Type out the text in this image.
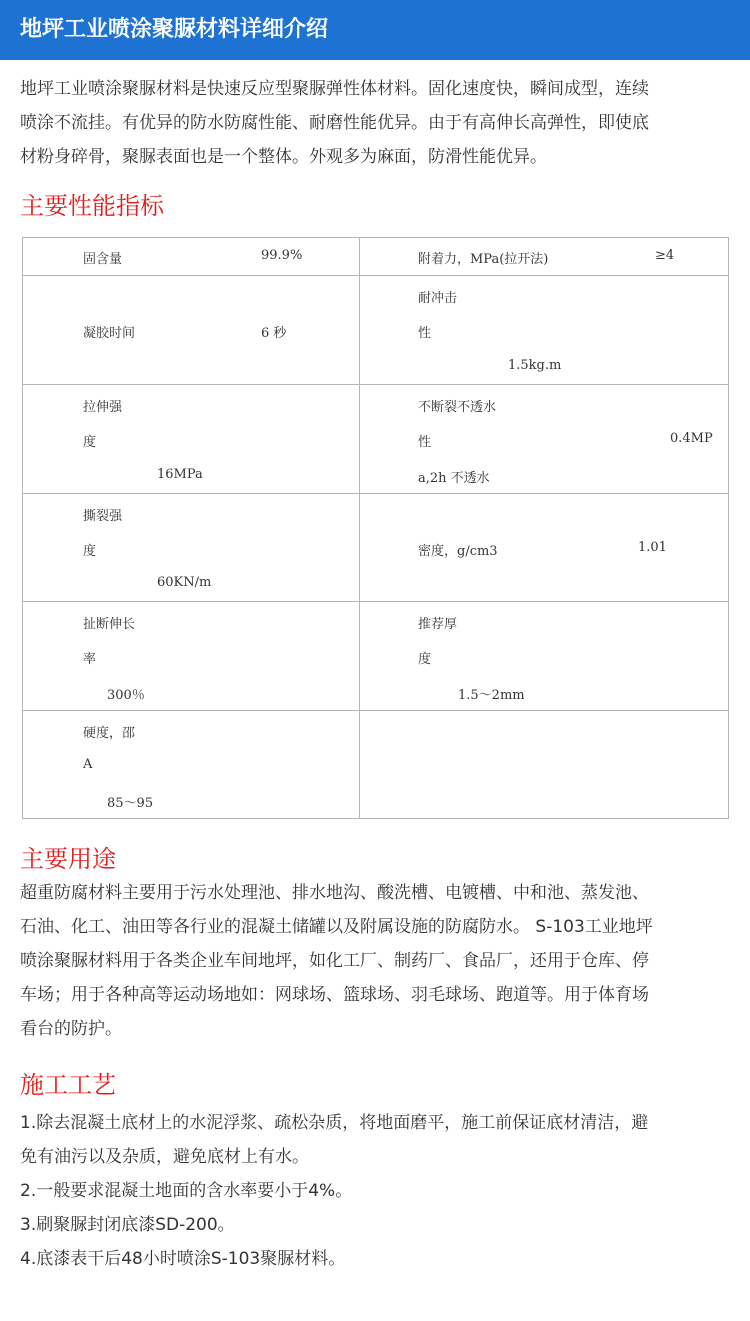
地坪工业喷涂聚脲材料详细介绍

地坪工业喷涂聚脲材料是快速反应型聚脲弹性体材料。固化速度快，瞬间成型，连续

喷涂不流挂。有优异的防水防腐性能、耐磨性能优异。由于有高伸长高弹性，即使底

材粉身碎骨，聚脲表面也是一个整体。外观多为麻面，防滑性能优异。

主要性能指标
固含量 99.9%	附着力，MPa(拉开法) ≥4

凝胶时间 6 秒	耐冲击
性
1.5kg.m

拉伸强
度
16MPa	不断裂不透水
性 0.4MP
a,2h 不透水

撕裂强
度
60KN/m	密度，g/cm3 1.01

扯断伸长
率
300％	推荐厚
度
1.5～2mm

硬度，邵
A
85～95	

主要用途

超重防腐材料主要用于污水处理池、排水地沟、酸洗槽、电镀槽、中和池、蒸发池、

石油、化工、油田等各行业的混凝土储罐以及附属设施的防腐防水。 S-103工业地坪

喷涂聚脲材料用于各类企业车间地坪，如化工厂、制药厂、食品厂，还用于仓库、停

车场；用于各种高等运动场地如：网球场、篮球场、羽毛球场、跑道等。用于体育场

看台的防护。

施工工艺

1.除去混凝土底材上的水泥浮浆、疏松杂质，将地面磨平，施工前保证底材清洁，避

免有油污以及杂质，避免底材上有水。

2.一般要求混凝土地面的含水率要小于4%。

3.刷聚脲封闭底漆SD-200。

4.底漆表干后48小时喷涂S-103聚脲材料。
